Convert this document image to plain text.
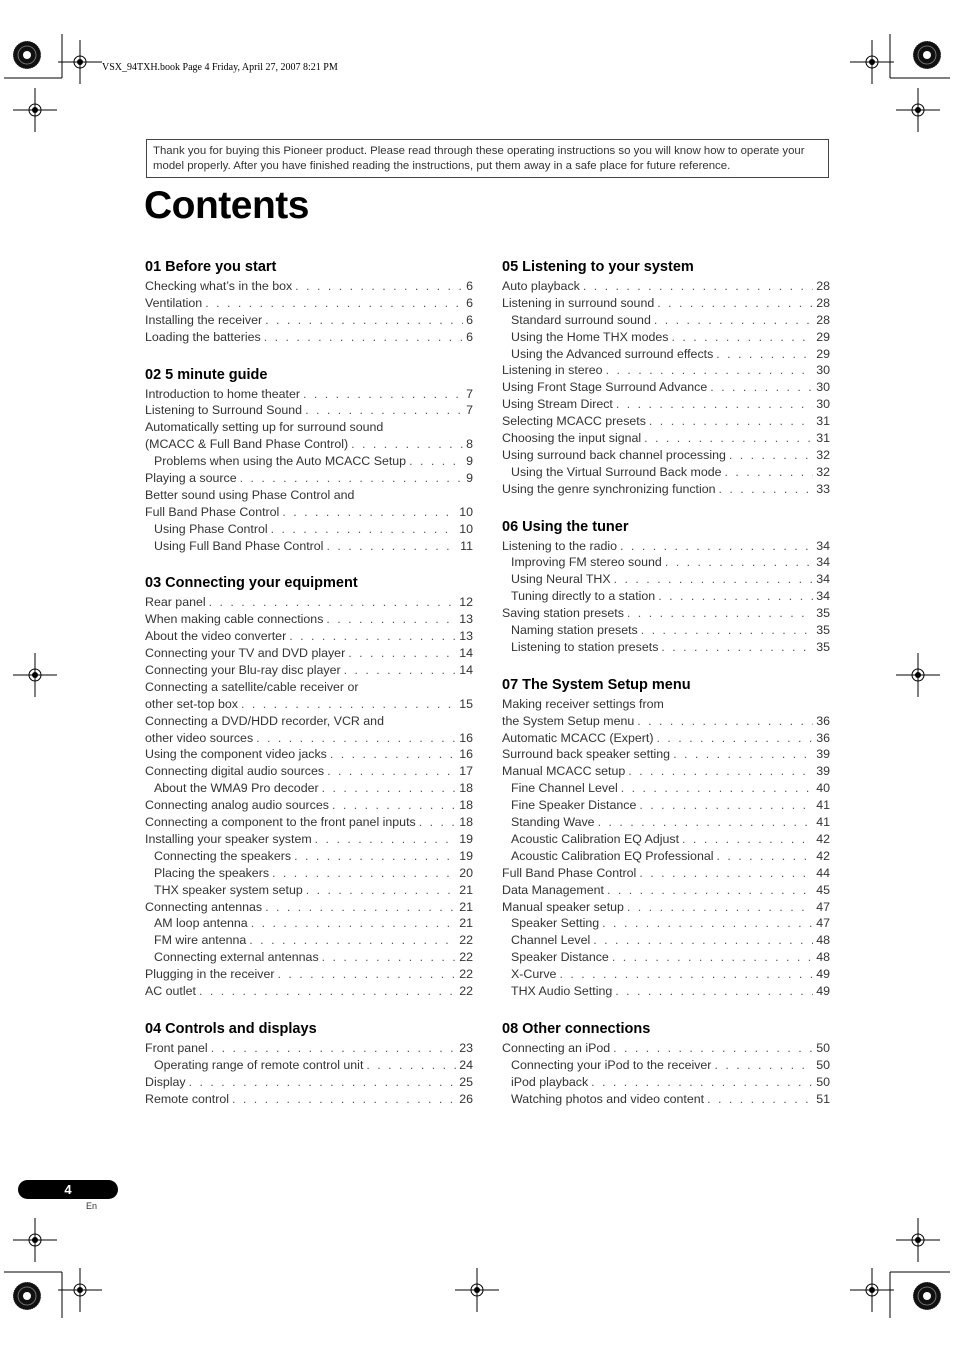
VSX_94TXH.book Page 4 Friday, April 27, 2007 8:21 PM
Thank you for buying this Pioneer product. Please read through these operating instructions so you will know how to operate your model properly. After you have finished reading the instructions, put them away in a safe place for future reference.
Contents
01 Before you start
Checking what’s in the box . . .	6
Ventilation . . .	6
Installing the receiver . . .	6
Loading the batteries . . .	6
02 5 minute guide
Introduction to home theater . . .	7
Listening to Surround Sound . . .	7
Automatically setting up for surround sound
(MCACC & Full Band Phase Control) . . .	8
Problems when using the Auto MCACC Setup . . .	9
Playing a source . . .	9
Better sound using Phase Control and
Full Band Phase Control . . .	10
Using Phase Control . . .	10
Using Full Band Phase Control . . .	11
03 Connecting your equipment
Rear panel . . .	12
When making cable connections . . .	13
About the video converter . . .	13
Connecting your TV and DVD player . . .	14
Connecting your Blu-ray disc player . . .	14
Connecting a satellite/cable receiver or
other set-top box . . .	15
Connecting a DVD/HDD recorder, VCR and
other video sources . . .	16
Using the component video jacks . . .	16
Connecting digital audio sources . . .	17
About the WMA9 Pro decoder . . .	18
Connecting analog audio sources . . .	18
Connecting a component to the front panel inputs . . .	18
Installing your speaker system . . .	19
Connecting the speakers . . .	19
Placing the speakers . . .	20
THX speaker system setup . . .	21
Connecting antennas . . .	21
AM loop antenna . . .	21
FM wire antenna . . .	22
Connecting external antennas . . .	22
Plugging in the receiver . . .	22
AC outlet . . .	22
04 Controls and displays
Front panel . . .	23
Operating range of remote control unit . . .	24
Display . . .	25
Remote control . . .	26
05 Listening to your system
Auto playback . . .	28
Listening in surround sound . . .	28
Standard surround sound . . .	28
Using the Home THX modes . . .	29
Using the Advanced surround effects . . .	29
Listening in stereo . . .	30
Using Front Stage Surround Advance . . .	30
Using Stream Direct . . .	30
Selecting MCACC presets . . .	31
Choosing the input signal . . .	31
Using surround back channel processing . . .	32
Using the Virtual Surround Back mode . . .	32
Using the genre synchronizing function . . .	33
06 Using the tuner
Listening to the radio . . .	34
Improving FM stereo sound . . .	34
Using Neural THX . . .	34
Tuning directly to a station . . .	34
Saving station presets . . .	35
Naming station presets . . .	35
Listening to station presets . . .	35
07 The System Setup menu
Making receiver settings from
the System Setup menu . . .	36
Automatic MCACC (Expert) . . .	36
Surround back speaker setting . . .	39
Manual MCACC setup . . .	39
Fine Channel Level . . .	40
Fine Speaker Distance . . .	41
Standing Wave . . .	41
Acoustic Calibration EQ Adjust . . .	42
Acoustic Calibration EQ Professional . . .	42
Full Band Phase Control . . .	44
Data Management . . .	45
Manual speaker setup . . .	47
Speaker Setting . . .	47
Channel Level . . .	48
Speaker Distance . . .	48
X-Curve . . .	49
THX Audio Setting . . .	49
08 Other connections
Connecting an iPod . . .	50
Connecting your iPod to the receiver . . .	50
iPod playback . . .	50
Watching photos and video content . . .	51
4
En
